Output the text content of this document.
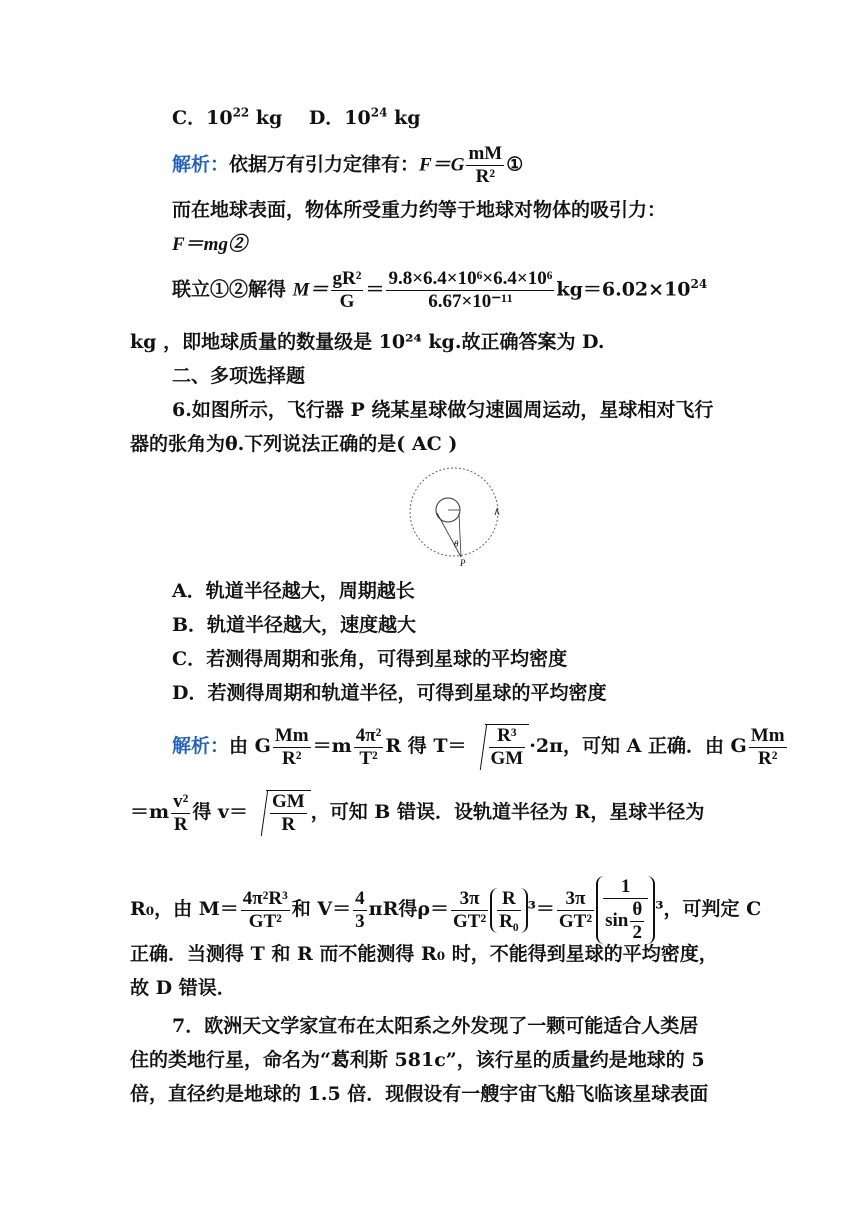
C．$10^{22}$ kg D．$10^{24}$ kg
解析：依据万有引力定律有：$F=G \frac{mM}{\text{R²}}$ ①
而在地球表面，物体所受重力约等于地球对物体的吸引力：
F＝mg②
联立①②解得 $M= \frac{\text{gR²}}{G} = \frac{\text{9.8×6.4×10⁶×6.4×10⁶}}{\text{6.67×10⁻¹¹}} kg=6.02\times 10^{24}$
kg ，即地球质量的数量级是 10²⁴ kg.故正确答案为 D.
二、多项选择题
6.如图所示，飞行器 P 绕某星球做匀速圆周运动，星球相对飞行
器的张角为θ.下列说法正确的是( AC )
θ
P
A．轨道半径越大，周期越长
B．轨道半径越大，速度越大
C．若测得周期和张角，可得到星球的平均密度
D．若测得周期和轨道半径，可得到星球的平均密度
解析：由 G $\frac{Mm}{\text{R²}} =m \frac{\text{4π²}}{\text{T²}}$ R 得 $T= \frac{\text{R³}}{GM} \cdot 2\pi$，可知 A 正确．由 G $\frac{Mm}{\text{R²}}$
$=m \frac{\text{v²}}{R}$ 得 $v= \frac{GM}{R}$ ，可知 B 错误．设轨道半径为 R，星球半径为
R₀，由 $M= \frac{\text{4π²R³}}{\text{GT²}}$ 和 $V= \frac{4}{3}$ πR得$\rho= \frac{3\pi}{\text{GT²}} \frac{R}{\text{R₀}} ^3= \frac{3\pi}{\text{GT²}} \frac{1}{\sin \frac{\theta}{2}} ^3$，可判定 C
正确．当测得 T 和 R 而不能测得 R₀ 时，不能得到星球的平均密度，
故 D 错误．
7．欧洲天文学家宣布在太阳系之外发现了一颗可能适合人类居
住的类地行星，命名为“葛利斯 581c”，该行星的质量约是地球的 5
倍，直径约是地球的 1.5 倍．现假设有一艘宇宙飞船飞临该星球表面
